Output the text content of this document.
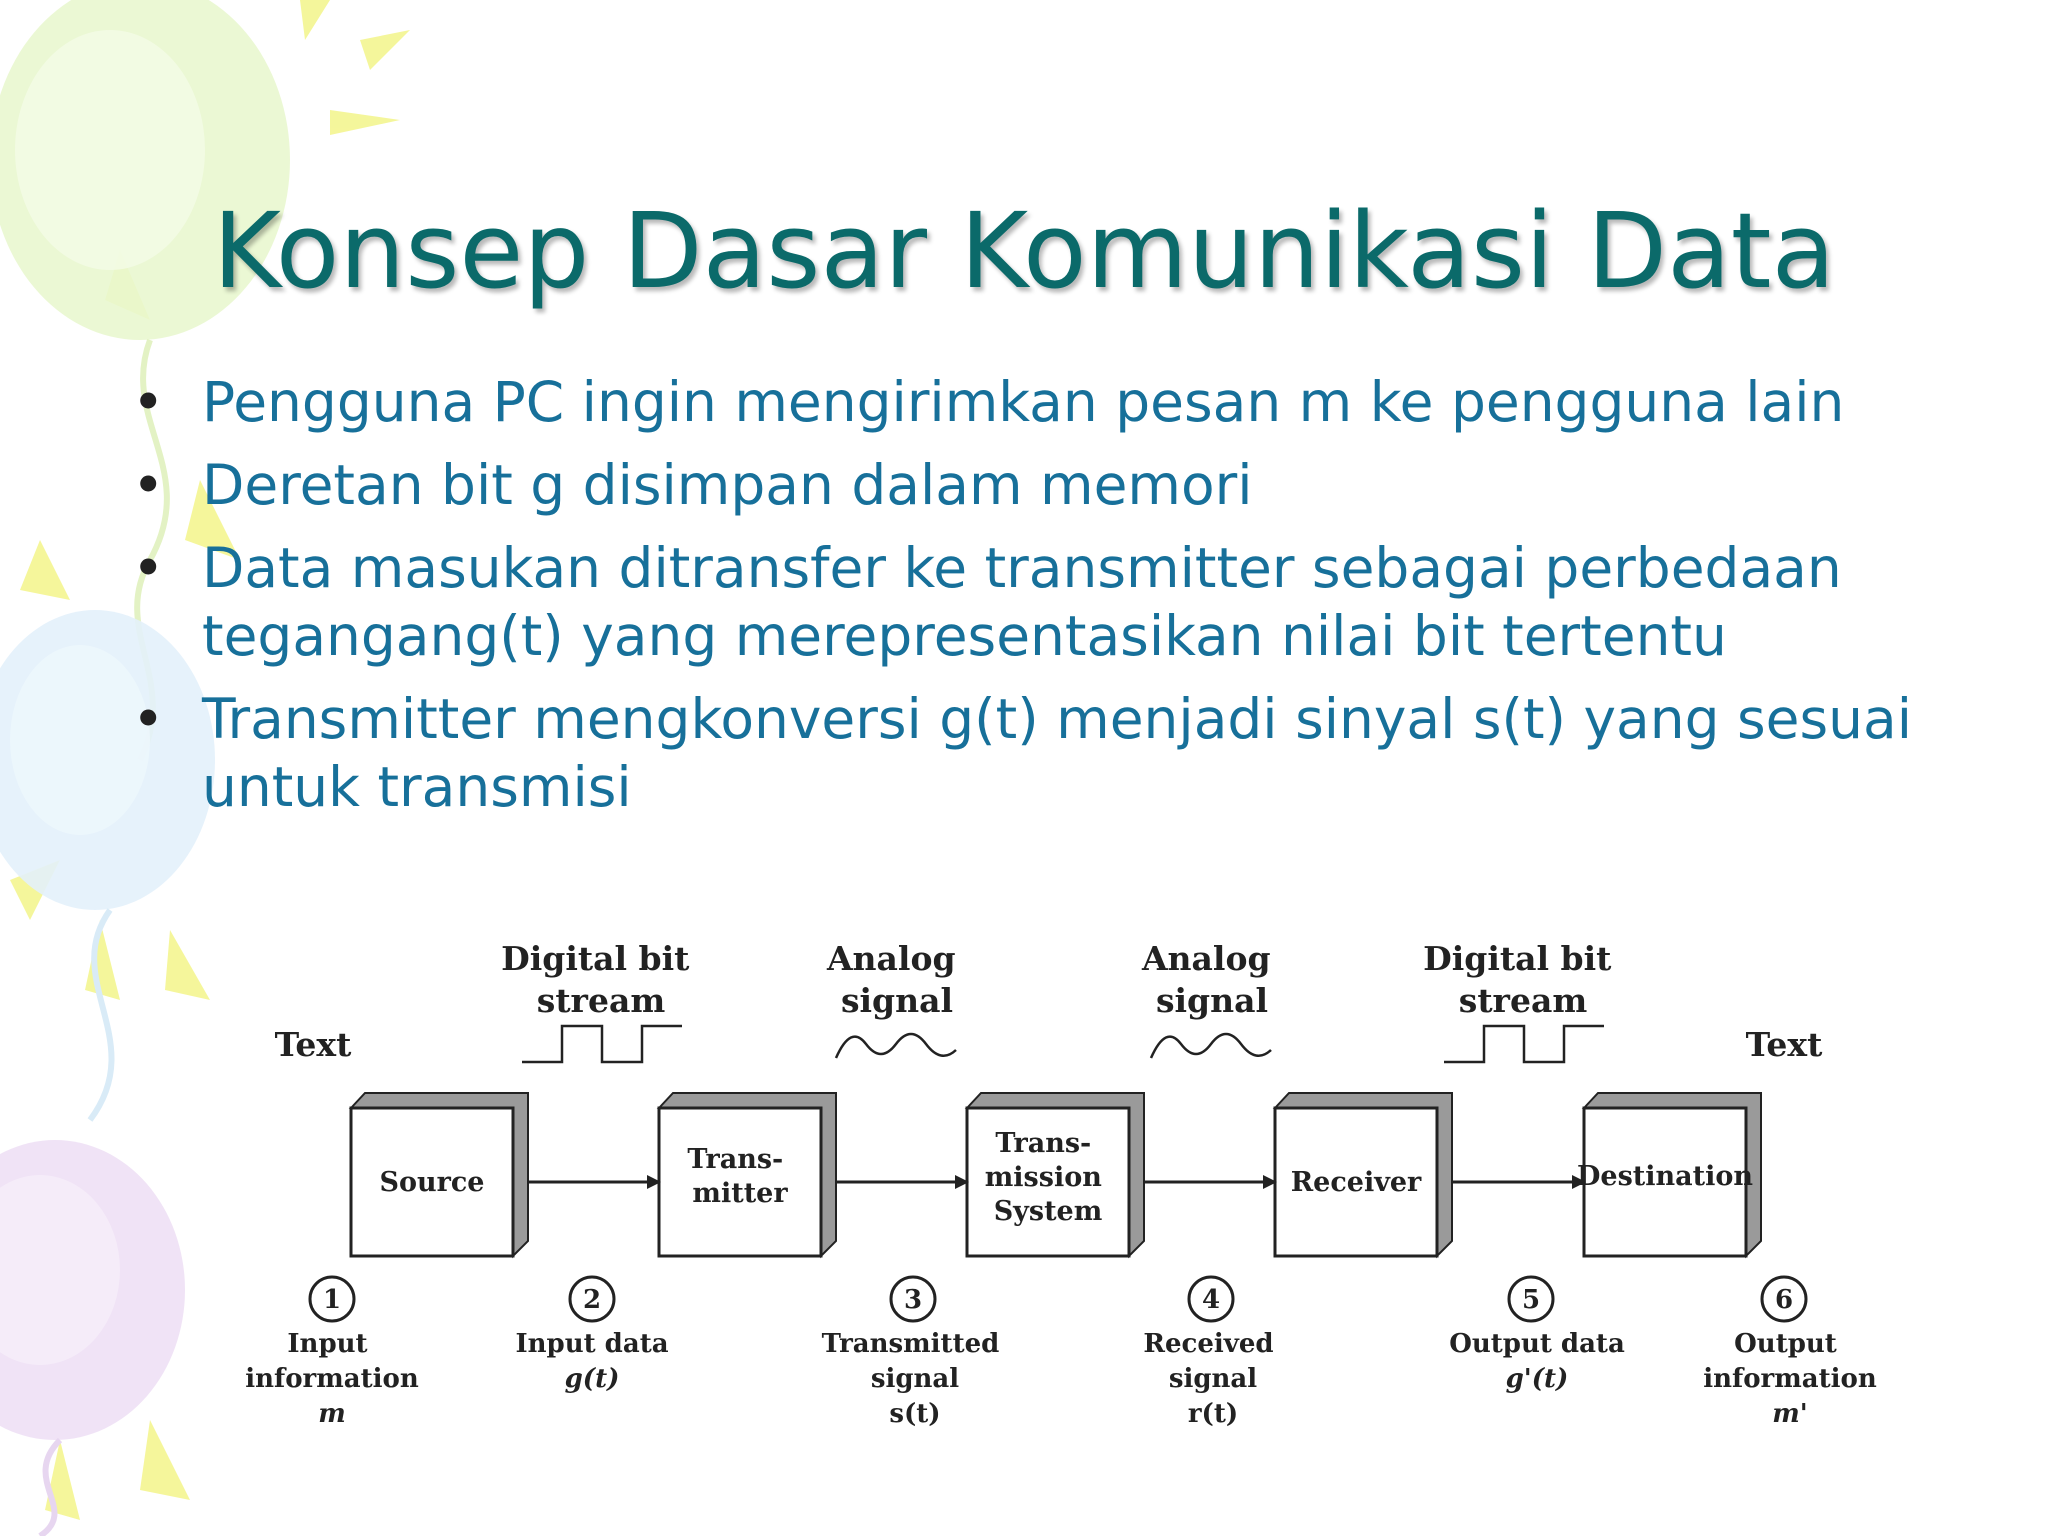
Konsep Dasar Komunikasi Data
• Pengguna PC ingin mengirimkan pesan m ke pengguna lain
• Deretan bit g disimpan dalam memori
• Data masukan ditransfer ke transmitter sebagai perbedaan tegangang(t) yang merepresentasikan nilai bit tertentu
• Transmitter mengkonversi g(t) menjadi sinyal s(t) yang sesuai untuk transmisi
Text
Digital bit stream
Analog signal
Analog signal
Digital bit stream
Text
Source
Trans- mitter
Trans- mission System
Receiver	Destination
1
Input information
m
2
Input data
g(t)
3
Transmitted signal
s(t)
4
Received signal
r(t)
5
Output data
g'(t)
6
Output information
m'
